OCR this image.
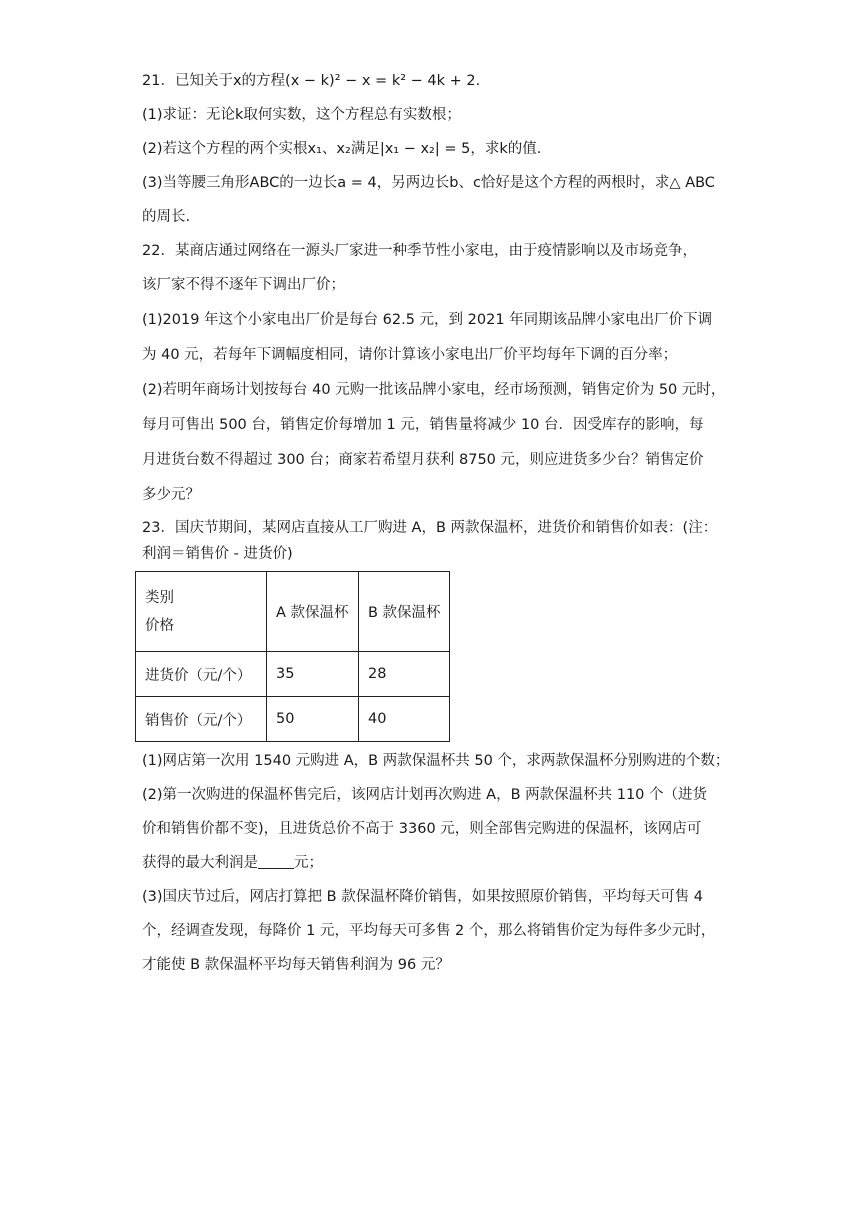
21．已知关于x的方程(x − k)² − x = k² − 4k + 2.
(1)求证：无论k取何实数，这个方程总有实数根；
(2)若这个方程的两个实根x₁、x₂满足|x₁ − x₂| = 5，求k的值.
(3)当等腰三角形ABC的一边长a = 4，另两边长b、c恰好是这个方程的两根时，求△ ABC
的周长.
22．某商店通过网络在一源头厂家进一种季节性小家电，由于疫情影响以及市场竞争，
该厂家不得不逐年下调出厂价；
(1)2019 年这个小家电出厂价是每台 62.5 元，到 2021 年同期该品牌小家电出厂价下调
为 40 元，若每年下调幅度相同，请你计算该小家电出厂价平均每年下调的百分率；
(2)若明年商场计划按每台 40 元购一批该品牌小家电，经市场预测，销售定价为 50 元时，
每月可售出 500 台，销售定价每增加 1 元，销售量将减少 10 台．因受库存的影响，每
月进货台数不得超过 300 台；商家若希望月获利 8750 元，则应进货多少台？销售定价
多少元？
23．国庆节期间，某网店直接从工厂购进 A，B 两款保温杯，进货价和销售价如表：(注：
利润＝销售价 - 进货价)
类别
价格	A 款保温杯	B 款保温杯
进货价（元/个）	35	28
销售价（元/个）	50	40
(1)网店第一次用 1540 元购进 A，B 两款保温杯共 50 个，求两款保温杯分别购进的个数；
(2)第一次购进的保温杯售完后，该网店计划再次购进 A，B 两款保温杯共 110 个（进货
价和销售价都不变)，且进货总价不高于 3360 元，则全部售完购进的保温杯，该网店可
获得的最大利润是 元；
(3)国庆节过后，网店打算把 B 款保温杯降价销售，如果按照原价销售，平均每天可售 4
个，经调查发现，每降价 1 元，平均每天可多售 2 个，那么将销售价定为每件多少元时，
才能使 B 款保温杯平均每天销售利润为 96 元？
